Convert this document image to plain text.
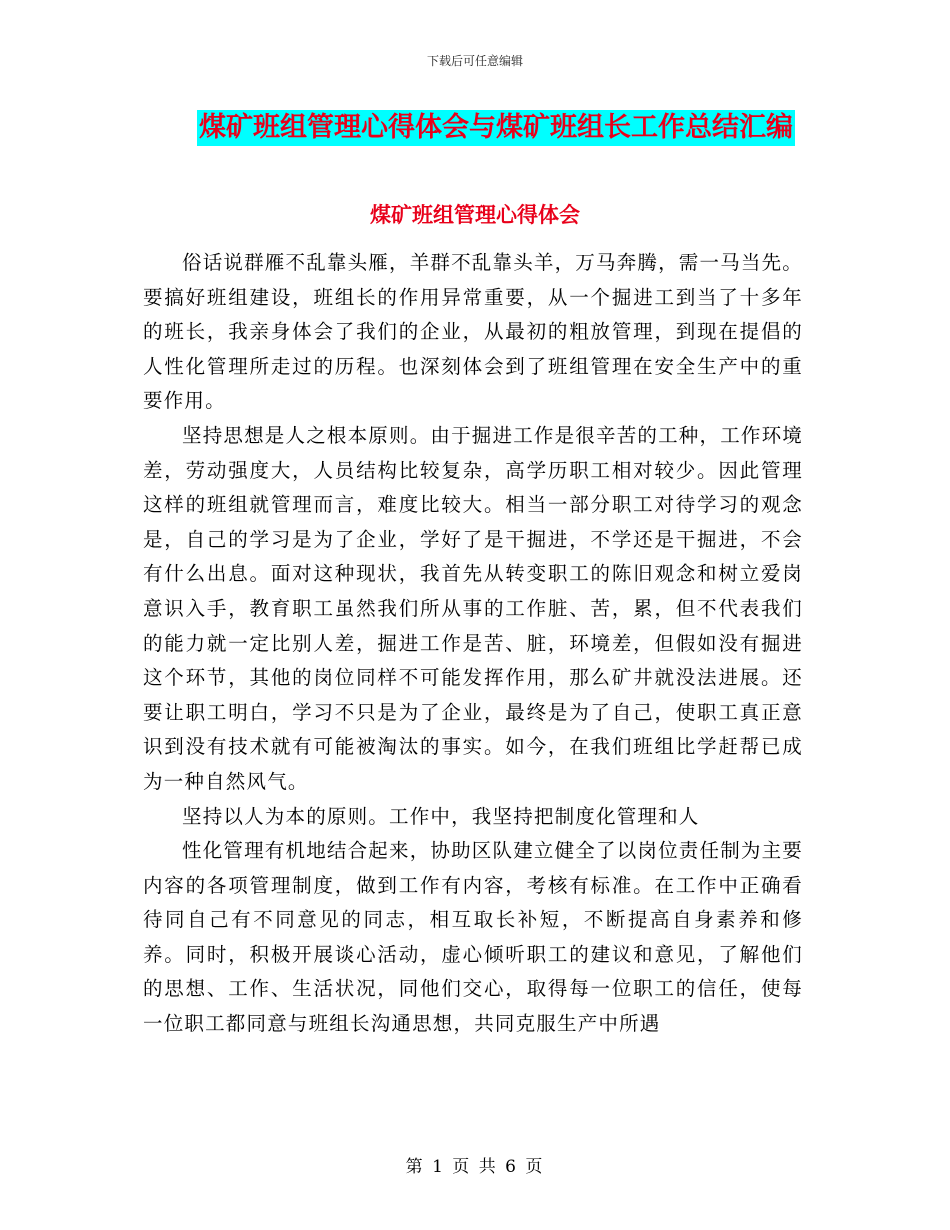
下载后可任意编辑
煤矿班组管理心得体会与煤矿班组长工作总结汇编
煤矿班组管理心得体会

俗话说群雁不乱靠头雁，羊群不乱靠头羊，万马奔腾，需一马当先。要搞好班组建设，班组长的作用异常重要，从一个掘进工到当了十多年的班长，我亲身体会了我们的企业，从最初的粗放管理，到现在提倡的人性化管理所走过的历程。也深刻体会到了班组管理在安全生产中的重要作用。

坚持思想是人之根本原则。由于掘进工作是很辛苦的工种，工作环境差，劳动强度大，人员结构比较复杂，高学历职工相对较少。因此管理这样的班组就管理而言，难度比较大。相当一部分职工对待学习的观念是，自己的学习是为了企业，学好了是干掘进，不学还是干掘进，不会有什么出息。面对这种现状，我首先从转变职工的陈旧观念和树立爱岗意识入手，教育职工虽然我们所从事的工作脏、苦，累，但不代表我们的能力就一定比别人差，掘进工作是苦、脏，环境差，但假如没有掘进这个环节，其他的岗位同样不可能发挥作用，那么矿井就没法进展。还要让职工明白，学习不只是为了企业，最终是为了自己，使职工真正意识到没有技术就有可能被淘汰的事实。如今，在我们班组比学赶帮已成为一种自然风气。

坚持以人为本的原则。工作中，我坚持把制度化管理和人

性化管理有机地结合起来，协助区队建立健全了以岗位责任制为主要内容的各项管理制度，做到工作有内容，考核有标准。在工作中正确看待同自己有不同意见的同志，相互取长补短，不断提高自身素养和修养。同时，积极开展谈心活动，虚心倾听职工的建议和意见，了解他们的思想、工作、生活状况，同他们交心，取得每一位职工的信任，使每一位职工都同意与班组长沟通思想，共同克服生产中所遇

第 1 页 共 6 页
